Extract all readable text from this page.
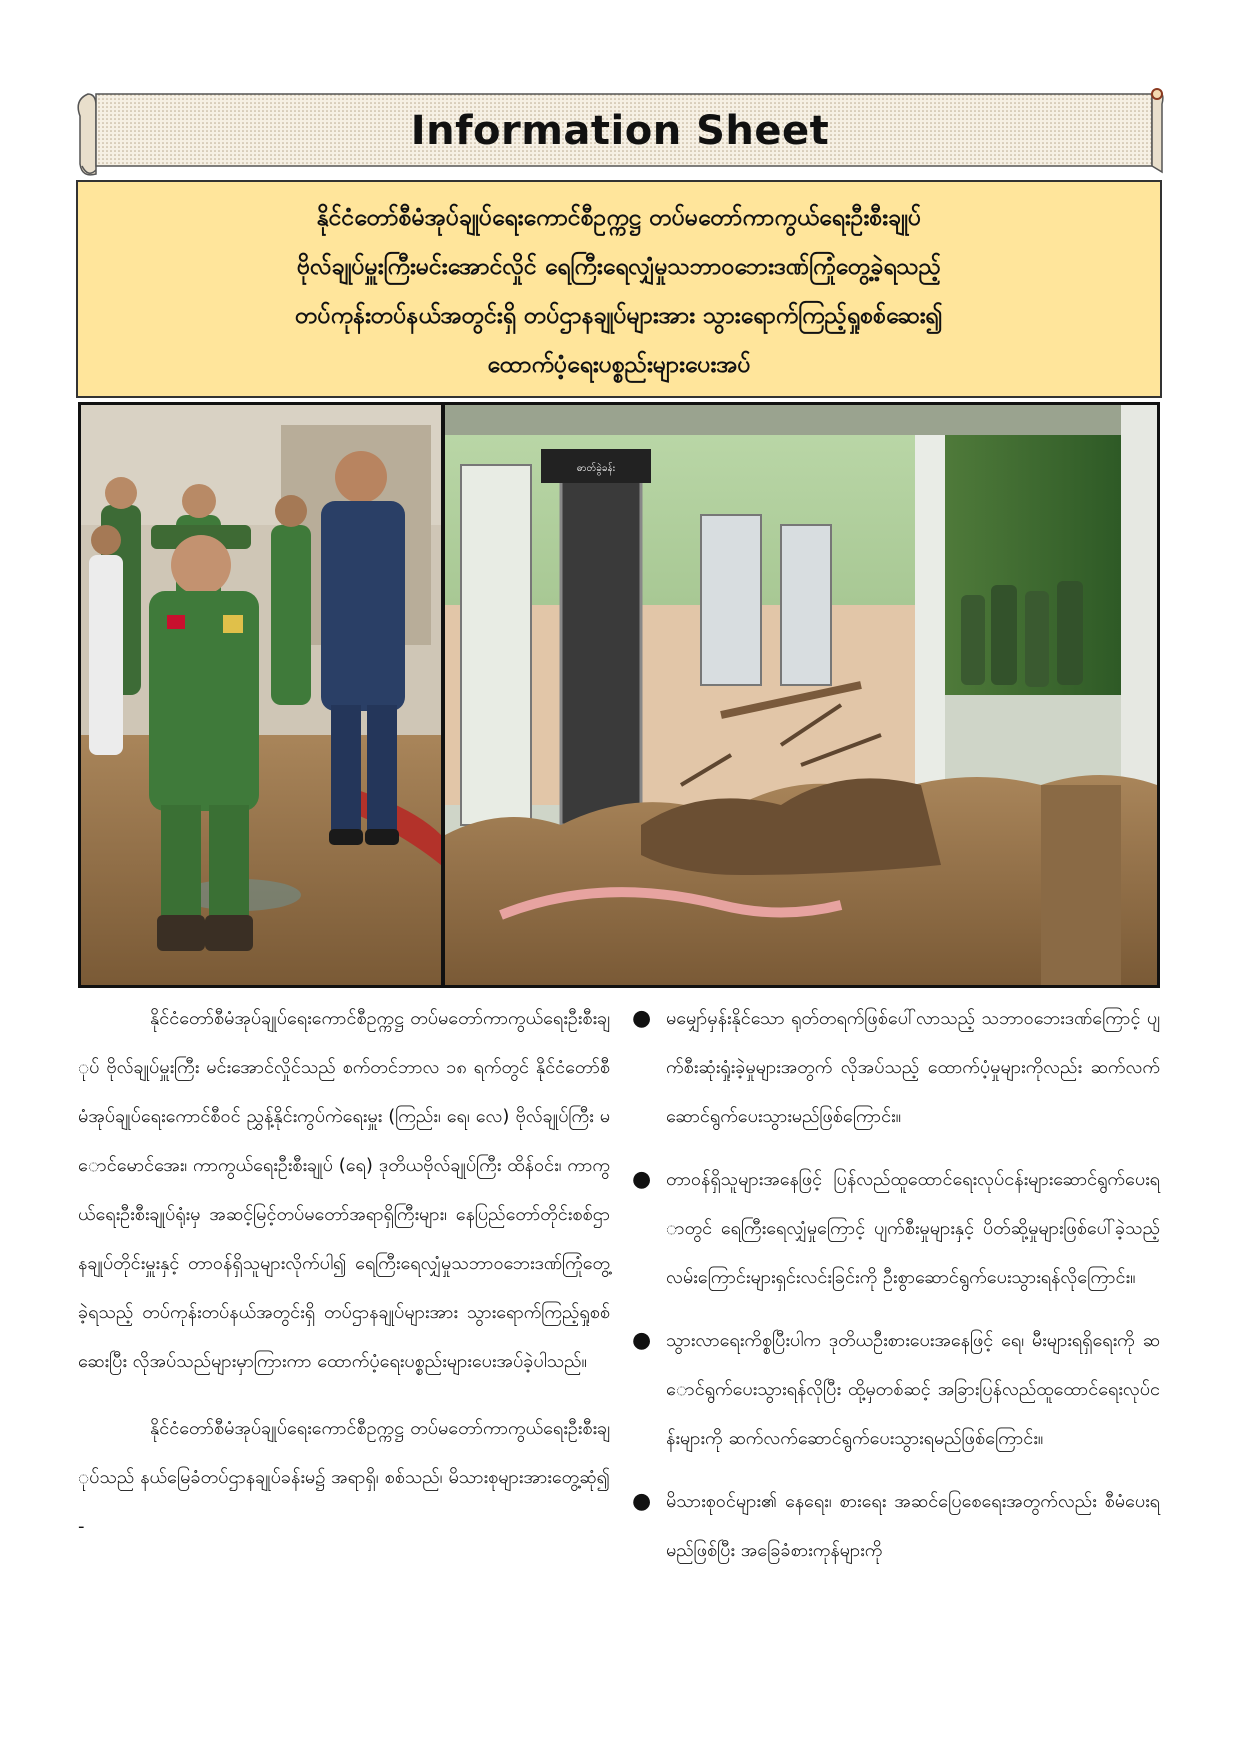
Information Sheet
နိုင်ငံတော်စီမံအုပ်ချုပ်ရေးကောင်စီဥက္ကဋ္ဌ တပ်မတော်ကာကွယ်ရေးဦးစီးချုပ်
ဗိုလ်ချုပ်မှူးကြီးမင်းအောင်လှိုင် ရေကြီးရေလျှံမှုသဘာဝဘေးဒဏ်ကြုံတွေ့ခဲ့ရသည့်
တပ်ကုန်းတပ်နယ်အတွင်းရှိ တပ်ဌာနချုပ်များအား သွားရောက်ကြည့်ရှုစစ်ဆေး၍
ထောက်ပံ့ရေးပစ္စည်းများပေးအပ်
ဓာတ်ခွဲခန်း

နိုင်ငံတော်စီမံအုပ်ချုပ်ရေးကောင်စီဥက္ကဋ္ဌ တပ်မတော်ကာကွယ်ရေးဦးစီးချုပ် ဗိုလ်ချုပ်မှူးကြီး မင်းအောင်လှိုင်သည် စက်တင်ဘာလ ၁၈ ရက်တွင် နိုင်ငံတော်စီမံအုပ်ချုပ်ရေးကောင်စီဝင် ညွှန့်နိုင်းကွပ်ကဲရေးမှူး (ကြည်း၊ ရေ၊ လေ) ဗိုလ်ချုပ်ကြီး မောင်မောင်အေး၊ ကာကွယ်ရေးဦးစီးချုပ် (ရေ) ဒုတိယဗိုလ်ချုပ်ကြီး ထိန်ဝင်း၊ ကာကွယ်ရေးဦးစီးချုပ်ရုံးမှ အဆင့်မြင့်တပ်မတော်အရာရှိကြီးများ၊ နေပြည်တော်တိုင်းစစ်ဌာနချုပ်တိုင်းမှူးနှင့် တာဝန်ရှိသူများလိုက်ပါ၍ ရေကြီးရေလျှံမှုသဘာဝဘေးဒဏ်ကြုံတွေ့ခဲ့ရသည့် တပ်ကုန်းတပ်နယ်အတွင်းရှိ တပ်ဌာနချုပ်များအား သွားရောက်ကြည့်ရှုစစ်ဆေးပြီး လိုအပ်သည်များမှာကြားကာ ထောက်ပံ့ရေးပစ္စည်းများပေးအပ်ခဲ့ပါသည်။

နိုင်ငံတော်စီမံအုပ်ချုပ်ရေးကောင်စီဥက္ကဋ္ဌ တပ်မတော်ကာကွယ်ရေးဦးစီးချုပ်သည် နယ်မြေခံတပ်ဌာနချုပ်ခန်းမ၌ အရာရှိ၊ စစ်သည်၊ မိသားစုများအားတွေ့ဆုံ၍-

● မမျှော်မှန်းနိုင်သော ရုတ်တရက်ဖြစ်ပေါ်လာသည့် သဘာဝဘေးဒဏ်ကြောင့် ပျက်စီးဆုံးရှုံးခဲ့မှုများအတွက် လိုအပ်သည့် ထောက်ပံ့မှုများကိုလည်း ဆက်လက်ဆောင်ရွက်ပေးသွားမည်ဖြစ်ကြောင်း။
● တာဝန်ရှိသူများအနေဖြင့် ပြန်လည်ထူထောင်ရေးလုပ်ငန်းများဆောင်ရွက်ပေးရာတွင် ရေကြီးရေလျှံမှုကြောင့် ပျက်စီးမှုများနှင့် ပိတ်ဆို့မှုများဖြစ်ပေါ်ခဲ့သည့် လမ်းကြောင်းများရှင်းလင်းခြင်းကို ဦးစွာဆောင်ရွက်ပေးသွားရန်လိုကြောင်း။
● သွားလာရေးကိစ္စပြီးပါက ဒုတိယဦးစားပေးအနေဖြင့် ရေ၊ မီးများရရှိရေးကို ဆောင်ရွက်ပေးသွားရန်လိုပြီး ထို့မှတစ်ဆင့် အခြားပြန်လည်ထူထောင်ရေးလုပ်ငန်းများကို ဆက်လက်ဆောင်ရွက်ပေးသွားရမည်ဖြစ်ကြောင်း။
● မိသားစုဝင်များ၏ နေရေး၊ စားရေး အဆင်ပြေစေရေးအတွက်လည်း စီမံပေးရမည်ဖြစ်ပြီး အခြေခံစားကုန်များကို
